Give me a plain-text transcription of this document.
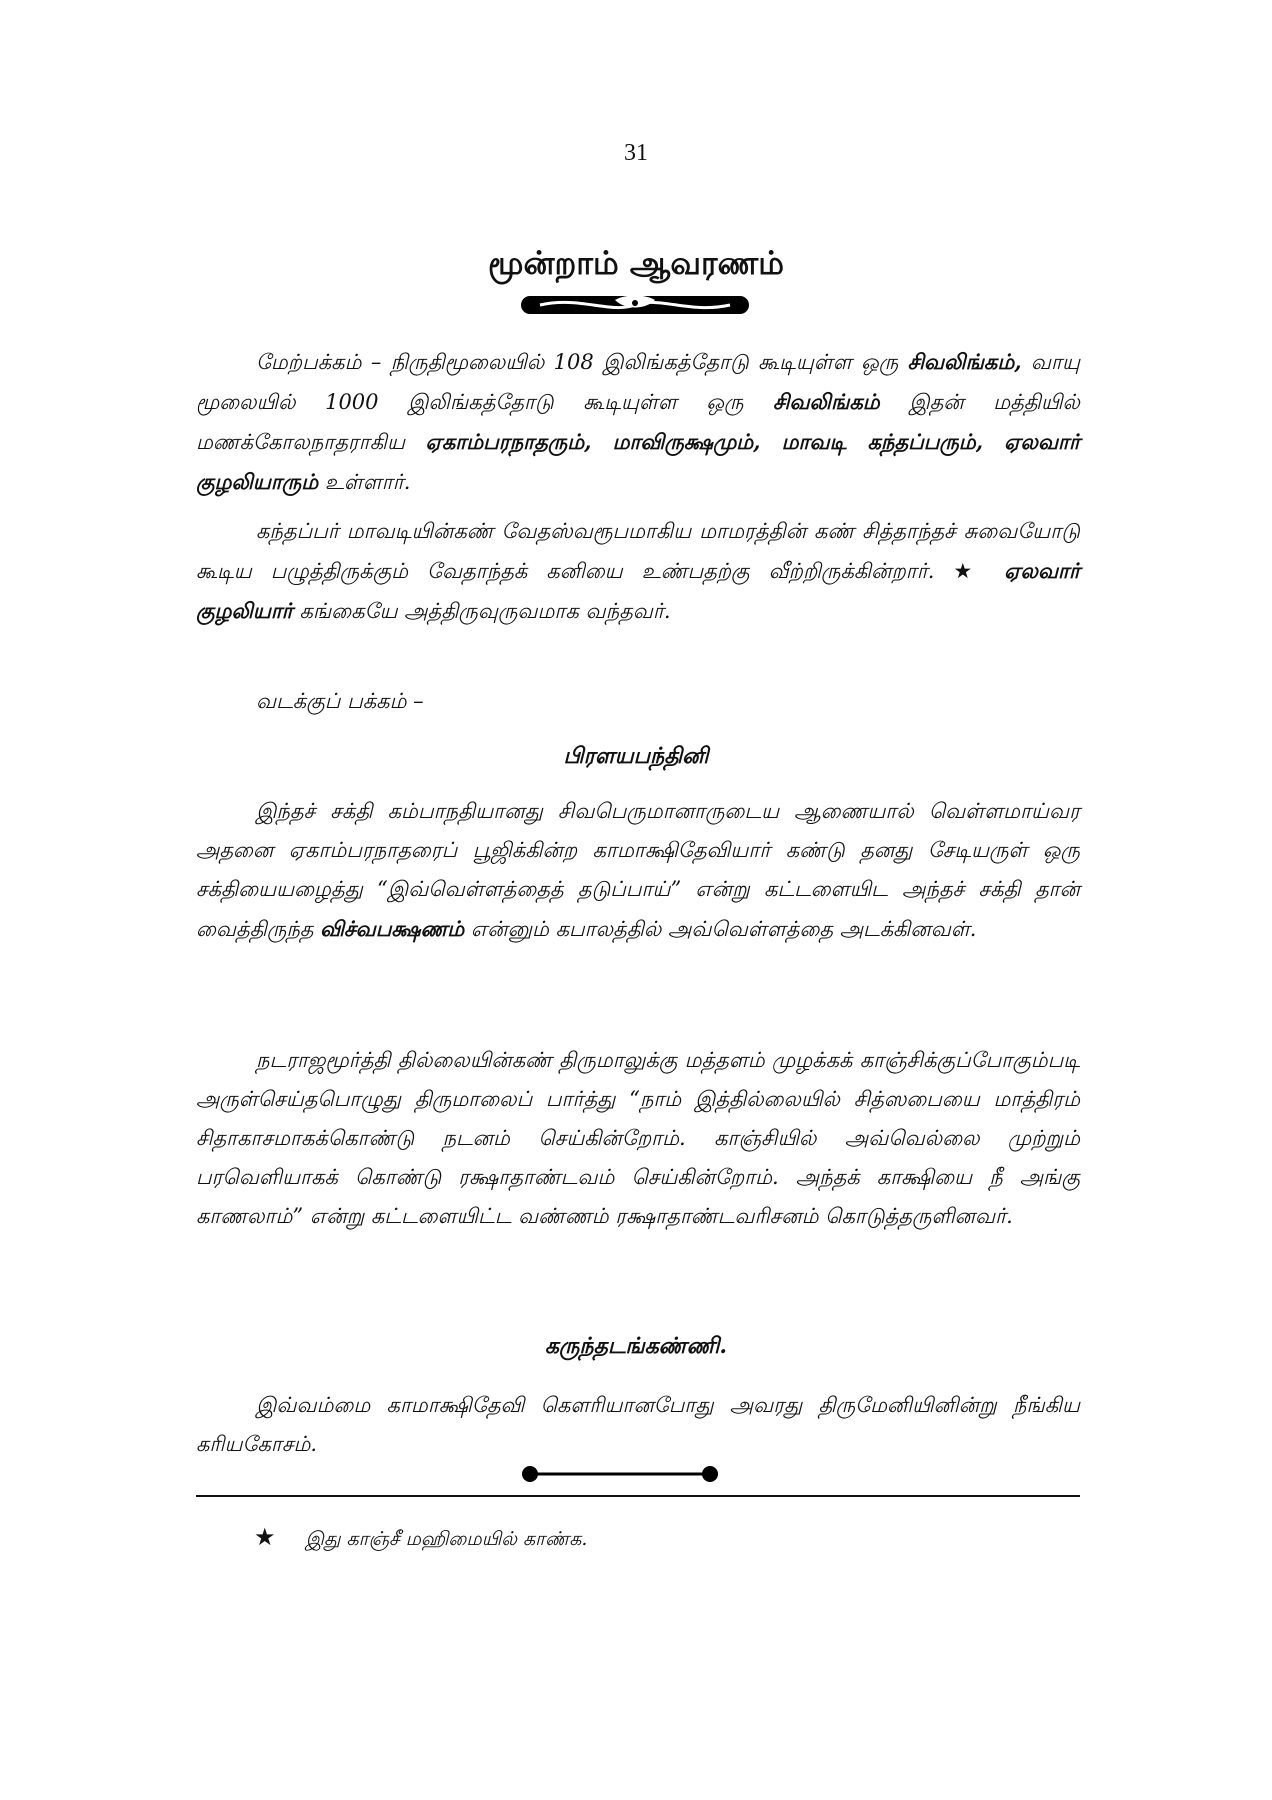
31
மூன்றாம் ஆவரணம்

மேற்பக்கம் – நிருதிமூலையில் 108 இலிங்கத்தோடு கூடியுள்ள ஒரு சிவலிங்கம், வாயு மூலையில் 1000 இலிங்கத்தோடு கூடியுள்ள ஒரு சிவலிங்கம் இதன் மத்தியில் மணக்கோலநாதராகிய ஏகாம்பரநாதரும், மாவிருக்ஷமும், மாவடி கந்தப்பரும், ஏலவார் குழலியாரும் உள்ளார்.

கந்தப்பர் மாவடியின்கண் வேதஸ்வரூபமாகிய மாமரத்தின் கண் சித்தாந்தச் சுவையோடு கூடிய பழுத்திருக்கும் வேதாந்தக் கனியை உண்பதற்கு வீற்றிருக்கின்றார். ★ ஏலவார் குழலியார் கங்கையே அத்திருவுருவமாக வந்தவர்.

வடக்குப் பக்கம் –

பிரளயபந்தினி

இந்தச் சக்தி கம்பாநதியானது சிவபெருமானாருடைய ஆணையால் வெள்ளமாய்வர அதனை ஏகாம்பரநாதரைப் பூஜிக்கின்ற காமாக்ஷிதேவியார் கண்டு தனது சேடியருள் ஒரு சக்தியையழைத்து “இவ்வெள்ளத்தைத் தடுப்பாய்” என்று கட்டளையிட அந்தச் சக்தி தான் வைத்திருந்த விச்வபக்ஷணம் என்னும் கபாலத்தில் அவ்வெள்ளத்தை அடக்கினவள்.

நடராஜமூர்த்தி தில்லையின்கண் திருமாலுக்கு மத்தளம் முழக்கக் காஞ்சிக்குப்போகும்படி அருள்செய்தபொழுது திருமாலைப் பார்த்து “நாம் இத்தில்லையில் சித்ஸபையை மாத்திரம் சிதாகாசமாகக்கொண்டு நடனம் செய்கின்றோம். காஞ்சியில் அவ்வெல்லை முற்றும் பரவெளியாகக் கொண்டு ரக்ஷாதாண்டவம் செய்கின்றோம். அந்தக் காக்ஷியை நீ அங்கு காணலாம்” என்று கட்டளையிட்ட வண்ணம் ரக்ஷாதாண்டவரிசனம் கொடுத்தருளினவர்.

கருந்தடங்கண்ணி.

இவ்வம்மை காமாக்ஷிதேவி கௌரியானபோது அவரது திருமேனியினின்று நீங்கிய கரியகோசம்.

★ இது காஞ்சீ மஹிமையில் காண்க.
